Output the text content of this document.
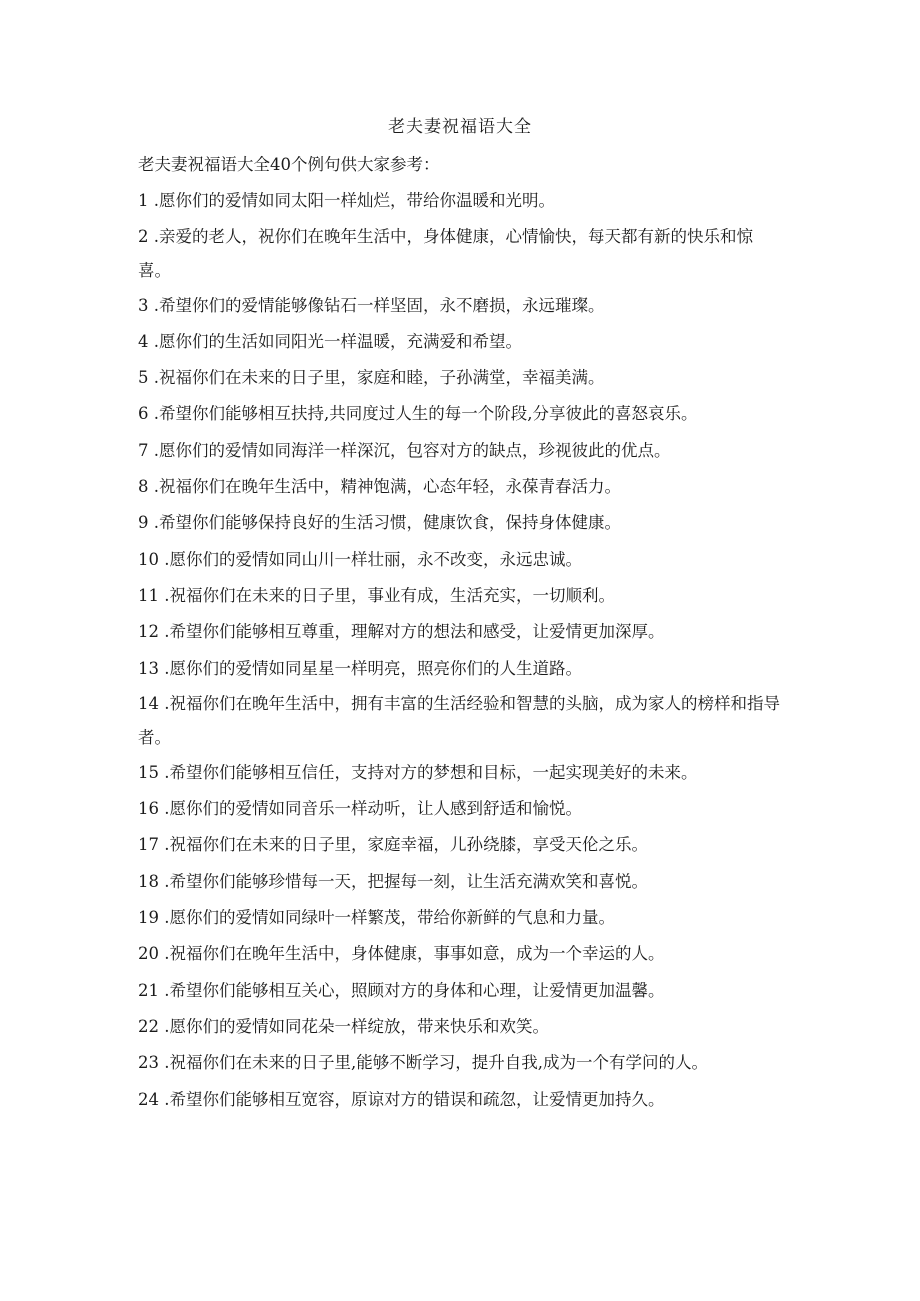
老夫妻祝福语大全

老夫妻祝福语大全40个例句供大家参考：

1 .愿你们的爱情如同太阳一样灿烂，带给你温暖和光明。
2 .亲爱的老人，祝你们在晚年生活中，身体健康，心情愉快，每天都有新的快乐和惊喜。
3 .希望你们的爱情能够像钻石一样坚固，永不磨损，永远璀璨。
4 .愿你们的生活如同阳光一样温暖，充满爱和希望。
5 .祝福你们在未来的日子里，家庭和睦，子孙满堂，幸福美满。
6 .希望你们能够相互扶持,共同度过人生的每一个阶段,分享彼此的喜怒哀乐。
7 .愿你们的爱情如同海洋一样深沉，包容对方的缺点，珍视彼此的优点。
8 .祝福你们在晚年生活中，精神饱满，心态年轻，永葆青春活力。
9 .希望你们能够保持良好的生活习惯，健康饮食，保持身体健康。
10 .愿你们的爱情如同山川一样壮丽，永不改变，永远忠诚。
11 .祝福你们在未来的日子里，事业有成，生活充实，一切顺利。
12 .希望你们能够相互尊重，理解对方的想法和感受，让爱情更加深厚。
13 .愿你们的爱情如同星星一样明亮，照亮你们的人生道路。
14 .祝福你们在晚年生活中，拥有丰富的生活经验和智慧的头脑，成为家人的榜样和指导者。
15 .希望你们能够相互信任，支持对方的梦想和目标，一起实现美好的未来。
16 .愿你们的爱情如同音乐一样动听，让人感到舒适和愉悦。
17 .祝福你们在未来的日子里，家庭幸福，儿孙绕膝，享受天伦之乐。
18 .希望你们能够珍惜每一天，把握每一刻，让生活充满欢笑和喜悦。
19 .愿你们的爱情如同绿叶一样繁茂，带给你新鲜的气息和力量。
20 .祝福你们在晚年生活中，身体健康，事事如意，成为一个幸运的人。
21 .希望你们能够相互关心，照顾对方的身体和心理，让爱情更加温馨。
22 .愿你们的爱情如同花朵一样绽放，带来快乐和欢笑。
23 .祝福你们在未来的日子里,能够不断学习，提升自我,成为一个有学问的人。
24 .希望你们能够相互宽容，原谅对方的错误和疏忽，让爱情更加持久。
